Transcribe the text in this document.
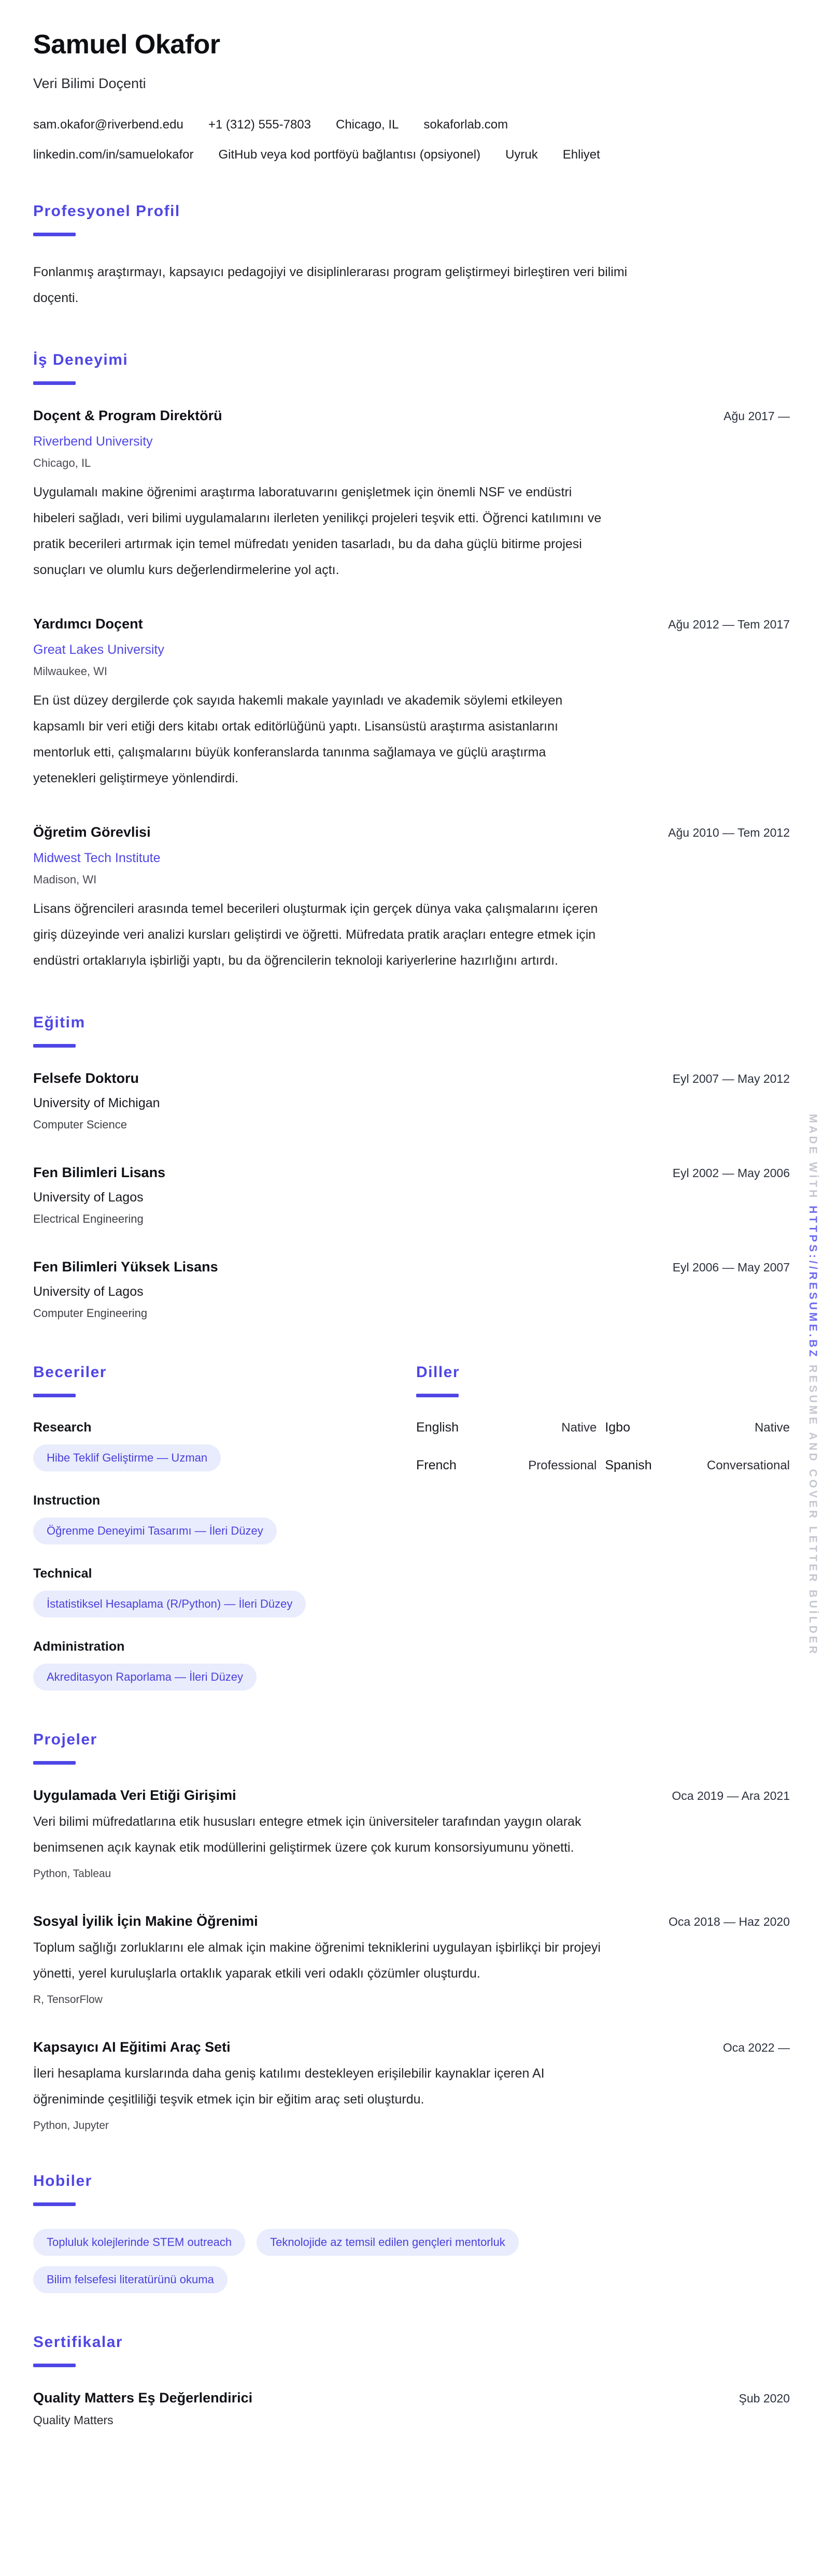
Samuel Okafor
Veri Bilimi Doçenti
sam.okafor@riverbend.edu +1 (312) 555-7803 Chicago, IL sokaforlab.com
linkedin.com/in/samuelokafor GitHub veya kod portföyü bağlantısı (opsiyonel) Uyruk Ehliyet
Profesyonel Profil

Fonlanmış araştırmayı, kapsayıcı pedagojiyi ve disiplinlerarası program geliştirmeyi birleştiren veri bilimi doçenti.

İş Deneyimi
Doçent & Program Direktörü	Ağu 2017 —
Riverbend University
Chicago, IL

Uygulamalı makine öğrenimi araştırma laboratuvarını genişletmek için önemli NSF ve endüstri hibeleri sağladı, veri bilimi uygulamalarını ilerleten yenilikçi projeleri teşvik etti. Öğrenci katılımını ve pratik becerileri artırmak için temel müfredatı yeniden tasarladı, bu da daha güçlü bitirme projesi sonuçları ve olumlu kurs değerlendirmelerine yol açtı.

Yardımcı Doçent	Ağu 2012 — Tem 2017
Great Lakes University
Milwaukee, WI

En üst düzey dergilerde çok sayıda hakemli makale yayınladı ve akademik söylemi etkileyen kapsamlı bir veri etiği ders kitabı ortak editörlüğünü yaptı. Lisansüstü araştırma asistanlarını mentorluk etti, çalışmalarını büyük konferanslarda tanınma sağlamaya ve güçlü araştırma yetenekleri geliştirmeye yönlendirdi.

Öğretim Görevlisi	Ağu 2010 — Tem 2012
Midwest Tech Institute
Madison, WI

Lisans öğrencileri arasında temel becerileri oluşturmak için gerçek dünya vaka çalışmalarını içeren giriş düzeyinde veri analizi kursları geliştirdi ve öğretti. Müfredata pratik araçları entegre etmek için endüstri ortaklarıyla işbirliği yaptı, bu da öğrencilerin teknoloji kariyerlerine hazırlığını artırdı.

Eğitim
Felsefe Doktoru	Eyl 2007 — May 2012
University of Michigan
Computer Science
Fen Bilimleri Lisans	Eyl 2002 — May 2006
University of Lagos
Electrical Engineering
Fen Bilimleri Yüksek Lisans	Eyl 2006 — May 2007
University of Lagos
Computer Engineering
Beceriler
Research
Hibe Teklif Geliştirme — Uzman
Instruction
Öğrenme Deneyimi Tasarımı — İleri Düzey
Technical
İstatistiksel Hesaplama (R/Python) — İleri Düzey
Administration
Akreditasyon Raporlama — İleri Düzey
Diller
English	Native Igbo	Native
French	Professional Spanish	Conversational
Projeler
Uygulamada Veri Etiği Girişimi	Oca 2019 — Ara 2021

Veri bilimi müfredatlarına etik hususları entegre etmek için üniversiteler tarafından yaygın olarak benimsenen açık kaynak etik modüllerini geliştirmek üzere çok kurum konsorsiyumunu yönetti.

Python, Tableau
Sosyal İyilik İçin Makine Öğrenimi	Oca 2018 — Haz 2020

Toplum sağlığı zorluklarını ele almak için makine öğrenimi tekniklerini uygulayan işbirlikçi bir projeyi yönetti, yerel kuruluşlarla ortaklık yaparak etkili veri odaklı çözümler oluşturdu.

R, TensorFlow
Kapsayıcı AI Eğitimi Araç Seti	Oca 2022 —

İleri hesaplama kurslarında daha geniş katılımı destekleyen erişilebilir kaynaklar içeren AI öğreniminde çeşitliliği teşvik etmek için bir eğitim araç seti oluşturdu.

Python, Jupyter
Hobiler
Topluluk kolejlerinde STEM outreach	Teknolojide az temsil edilen gençleri mentorluk
Bilim felsefesi literatürünü okuma
Sertifikalar
Quality Matters Eş Değerlendirici	Şub 2020
Quality Matters
MADE WİTH HTTPS://RESUME.BZ RESUME AND COVER LETTER BUİLDER
